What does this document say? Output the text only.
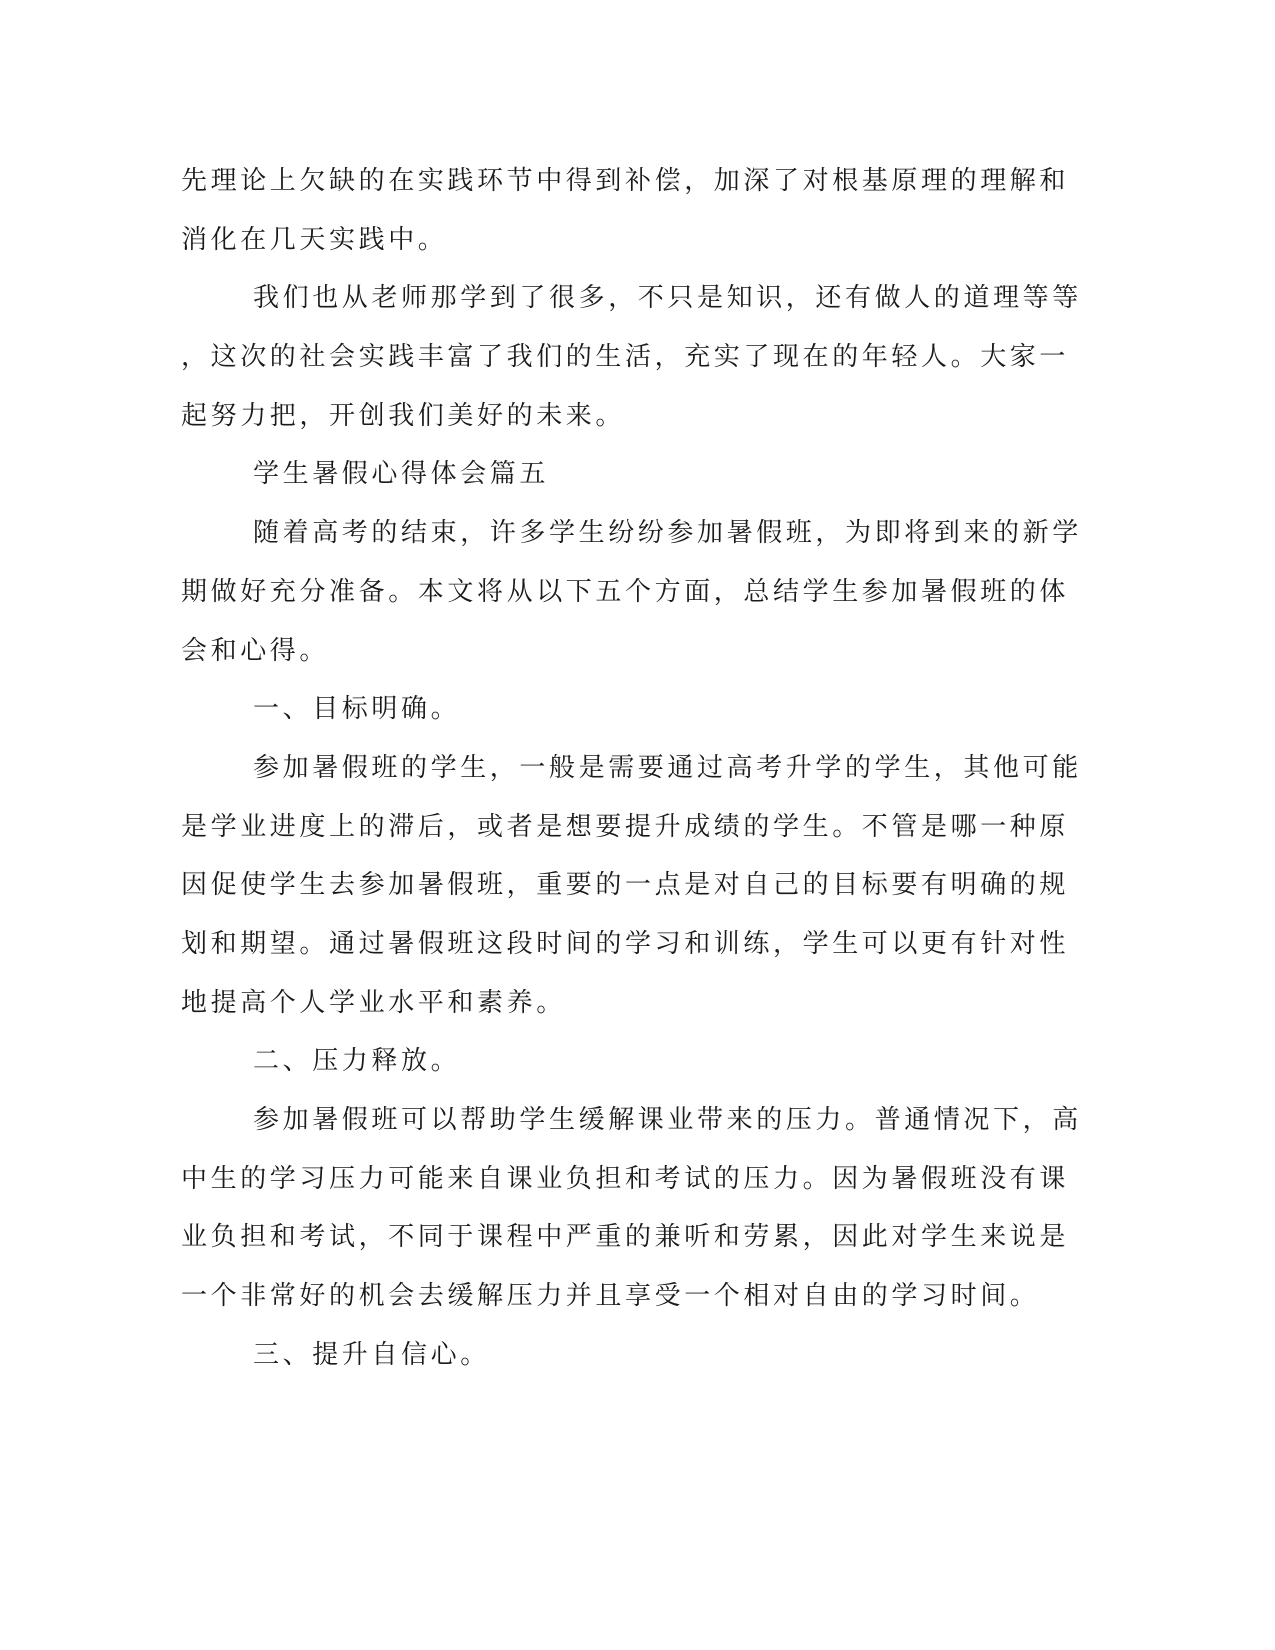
先理论上欠缺的在实践环节中得到补偿，加深了对根基原理的理解和
消化在几天实践中。
我们也从老师那学到了很多，不只是知识，还有做人的道理等等
，这次的社会实践丰富了我们的生活，充实了现在的年轻人。大家一
起努力把，开创我们美好的未来。
学生暑假心得体会篇五
随着高考的结束，许多学生纷纷参加暑假班，为即将到来的新学
期做好充分准备。本文将从以下五个方面，总结学生参加暑假班的体
会和心得。
一、目标明确。
参加暑假班的学生，一般是需要通过高考升学的学生，其他可能
是学业进度上的滞后，或者是想要提升成绩的学生。不管是哪一种原
因促使学生去参加暑假班，重要的一点是对自己的目标要有明确的规
划和期望。通过暑假班这段时间的学习和训练，学生可以更有针对性
地提高个人学业水平和素养。
二、压力释放。
参加暑假班可以帮助学生缓解课业带来的压力。普通情况下，高
中生的学习压力可能来自课业负担和考试的压力。因为暑假班没有课
业负担和考试，不同于课程中严重的兼听和劳累，因此对学生来说是
一个非常好的机会去缓解压力并且享受一个相对自由的学习时间。
三、提升自信心。
